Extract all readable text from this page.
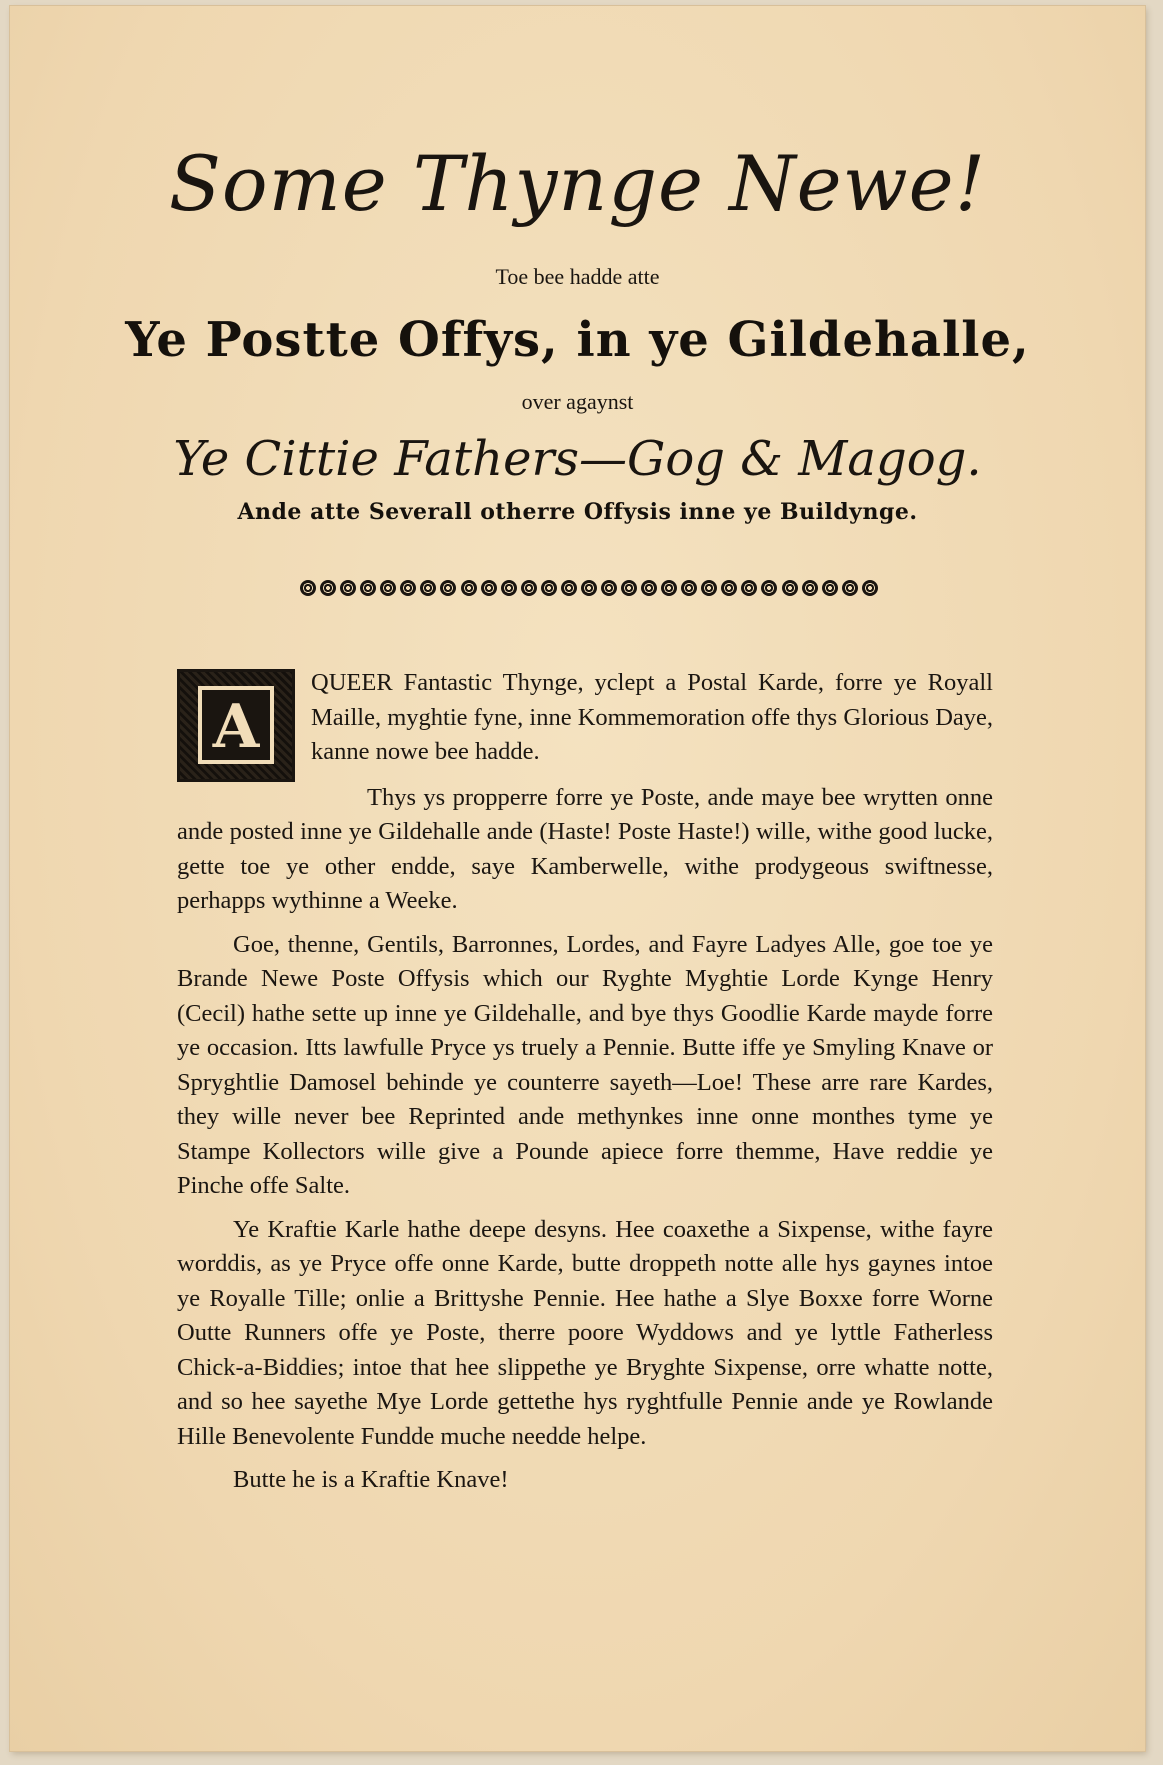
Some Thynge Newe!
Toe bee hadde atte
Ye Postte Offys, in ye Gildehalle,
over agaynst
Ye Cittie Fathers—Gog & Magog.
Ande atte Severall otherre Offysis inne ye Buildynge.

A
QUEER Fantastic Thynge, yclept a Postal Karde, forre ye Royall Maille, myghtie fyne, inne Kommemoration offe thys Glorious Daye, kanne nowe bee hadde.

Thys ys propperre forre ye Poste, ande maye bee wrytten onne ande posted inne ye Gildehalle ande (Haste! Poste Haste!) wille, withe good lucke, gette toe ye other endde, saye Kamberwelle, withe prodygeous swiftnesse, perhapps wythinne a Weeke.

Goe, thenne, Gentils, Barronnes, Lordes, and Fayre Ladyes Alle, goe toe ye Brande Newe Poste Offysis which our Ryghte Myghtie Lorde Kynge Henry (Cecil) hathe sette up inne ye Gildehalle, and bye thys Goodlie Karde mayde forre ye occasion. Itts lawfulle Pryce ys truely a Pennie. Butte iffe ye Smyling Knave or Spryghtlie Damosel behinde ye counterre sayeth—Loe! These arre rare Kardes, they wille never bee Reprinted ande methynkes inne onne monthes tyme ye Stampe Kollectors wille give a Pounde apiece forre themme, Have reddie ye Pinche offe Salte.

Ye Kraftie Karle hathe deepe desyns. Hee coaxethe a Sixpense, withe fayre worddis, as ye Pryce offe onne Karde, butte droppeth notte alle hys gaynes intoe ye Royalle Tille; onlie a Brittyshe Pennie. Hee hathe a Slye Boxxe forre Worne Outte Runners offe ye Poste, therre poore Wyddows and ye lyttle Fatherless Chick-a-Biddies; intoe that hee slippethe ye Bryghte Sixpense, orre whatte notte, and so hee sayethe Mye Lorde gettethe hys ryghtfulle Pennie ande ye Rowlande Hille Benevolente Fundde muche needde helpe.

Butte he is a Kraftie Knave!
